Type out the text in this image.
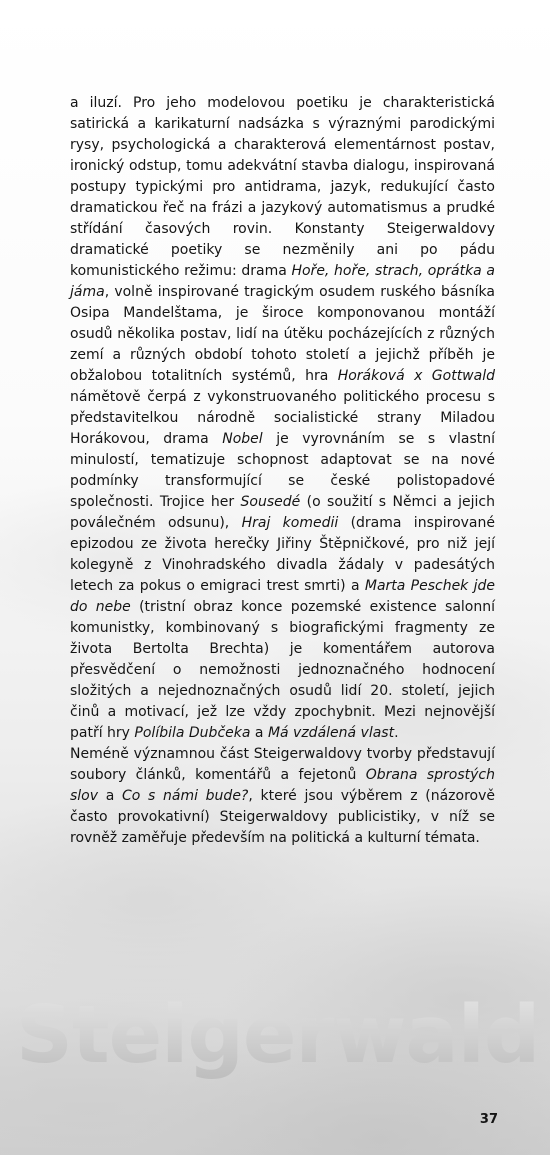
a iluzí. Pro jeho modelovou poetiku je charakteristická satirická a karikaturní nadsázka s výraznými parodickými rysy, psychologická a charakterová elementárnost postav, ironický odstup, tomu adekvátní stavba dialogu, inspirovaná postupy typickými pro antidrama, jazyk, redukující často dramatickou řeč na frázi a jazykový automatismus a prudké střídání časových rovin. Konstanty Steigerwaldovy dramatické poetiky se nezměnily ani po pádu komunistického režimu: drama Hoře, hoře, strach, oprátka a jáma, volně inspirované tragickým osudem ruského básníka Osipa Mandelštama, je široce komponovanou montáží osudů několika postav, lidí na útěku pocházejících z různých zemí a různých období tohoto století a jejichž příběh je obžalobou totalitních systémů, hra Horáková x Gottwald námětově čerpá z vykonstruovaného politického procesu s představitelkou národně socialistické strany Miladou Horákovou, drama Nobel je vyrovnáním se s vlastní minulostí, tematizuje schopnost adaptovat se na nové podmínky transformující se české polistopadové společnosti. Trojice her Sousedé (o soužití s Němci a jejich poválečném odsunu), Hraj komedii (drama inspirované epizodou ze života herečky Jiřiny Štěpničkové, pro niž její kolegyně z Vinohradského divadla žádaly v padesátých letech za pokus o emigraci trest smrti) a Marta Peschek jde do nebe (tristní obraz konce pozemské existence salonní komunistky, kombinovaný s biografickými fragmenty ze života Bertolta Brechta) je komentářem autorova přesvědčení o nemožnosti jednoznačného hodnocení složitých a nejednoznačných osudů lidí 20. století, jejich činů a motivací, jež lze vždy zpochybnit. Mezi nejnovější patří hry Políbila Dubčeka a Má vzdálená vlast.

Neméně významnou část Steigerwaldovy tvorby představují soubory článků, komentářů a fejetonů Obrana sprostých slov a Co s námi bude?, které jsou výběrem z (názorově často provokativní) Steigerwaldovy publicistiky, v níž se rovněž zaměřuje především na politická a kulturní témata.

Steigerwald
37
